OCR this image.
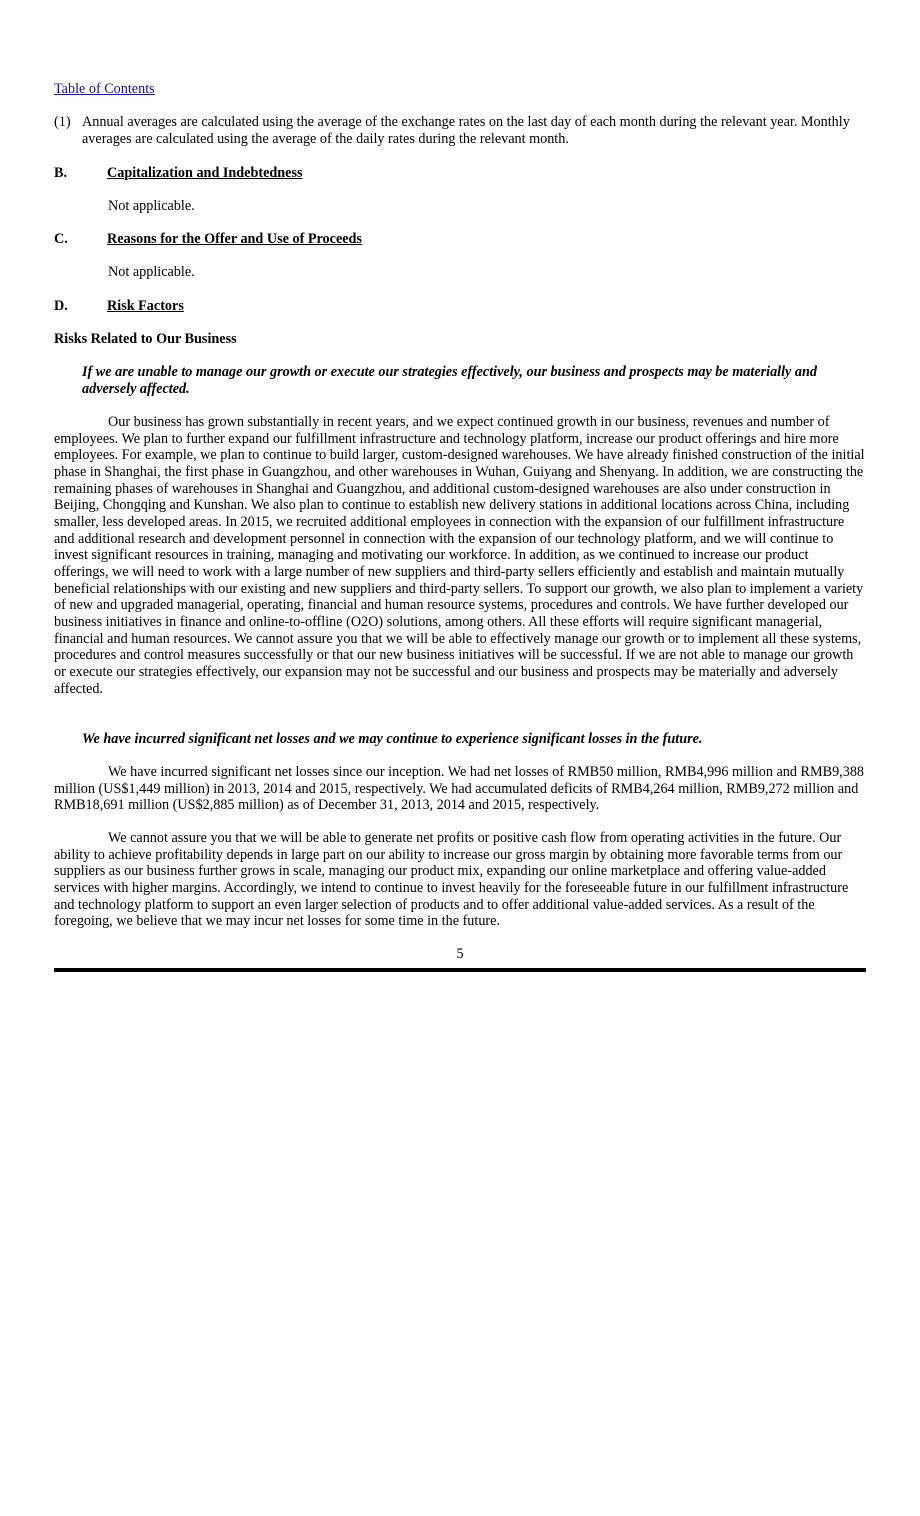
Table of Contents
(1) Annual averages are calculated using the average of the exchange rates on the last day of each month during the relevant year. Monthly averages are calculated using the average of the daily rates during the relevant month.
B.	Capitalization and Indebtedness
Not applicable.
C.	Reasons for the Offer and Use of Proceeds
Not applicable.
D.	Risk Factors
Risks Related to Our Business
If we are unable to manage our growth or execute our strategies effectively, our business and prospects may be materially and adversely affected.
Our business has grown substantially in recent years, and we expect continued growth in our business, revenues and number of employees. We plan to further expand our fulfillment infrastructure and technology platform, increase our product offerings and hire more employees. For example, we plan to continue to build larger, custom-designed warehouses. We have already finished construction of the initial phase in Shanghai, the first phase in Guangzhou, and other warehouses in Wuhan, Guiyang and Shenyang. In addition, we are constructing the remaining phases of warehouses in Shanghai and Guangzhou, and additional custom-designed warehouses are also under construction in Beijing, Chongqing and Kunshan. We also plan to continue to establish new delivery stations in additional locations across China, including smaller, less developed areas. In 2015, we recruited additional employees in connection with the expansion of our fulfillment infrastructure and additional research and development personnel in connection with the expansion of our technology platform, and we will continue to invest significant resources in training, managing and motivating our workforce. In addition, as we continued to increase our product offerings, we will need to work with a large number of new suppliers and third-party sellers efficiently and establish and maintain mutually beneficial relationships with our existing and new suppliers and third-party sellers. To support our growth, we also plan to implement a variety of new and upgraded managerial, operating, financial and human resource systems, procedures and controls. We have further developed our business initiatives in finance and online-to-offline (O2O) solutions, among others. All these efforts will require significant managerial, financial and human resources. We cannot assure you that we will be able to effectively manage our growth or to implement all these systems, procedures and control measures successfully or that our new business initiatives will be successful. If we are not able to manage our growth or execute our strategies effectively, our expansion may not be successful and our business and prospects may be materially and adversely affected.
We have incurred significant net losses and we may continue to experience significant losses in the future.
We have incurred significant net losses since our inception. We had net losses of RMB50 million, RMB4,996 million and RMB9,388 million (US$1,449 million) in 2013, 2014 and 2015, respectively. We had accumulated deficits of RMB4,264 million, RMB9,272 million and RMB18,691 million (US$2,885 million) as of December 31, 2013, 2014 and 2015, respectively.
We cannot assure you that we will be able to generate net profits or positive cash flow from operating activities in the future. Our ability to achieve profitability depends in large part on our ability to increase our gross margin by obtaining more favorable terms from our suppliers as our business further grows in scale, managing our product mix, expanding our online marketplace and offering value-added services with higher margins. Accordingly, we intend to continue to invest heavily for the foreseeable future in our fulfillment infrastructure and technology platform to support an even larger selection of products and to offer additional value-added services. As a result of the foregoing, we believe that we may incur net losses for some time in the future.
5
